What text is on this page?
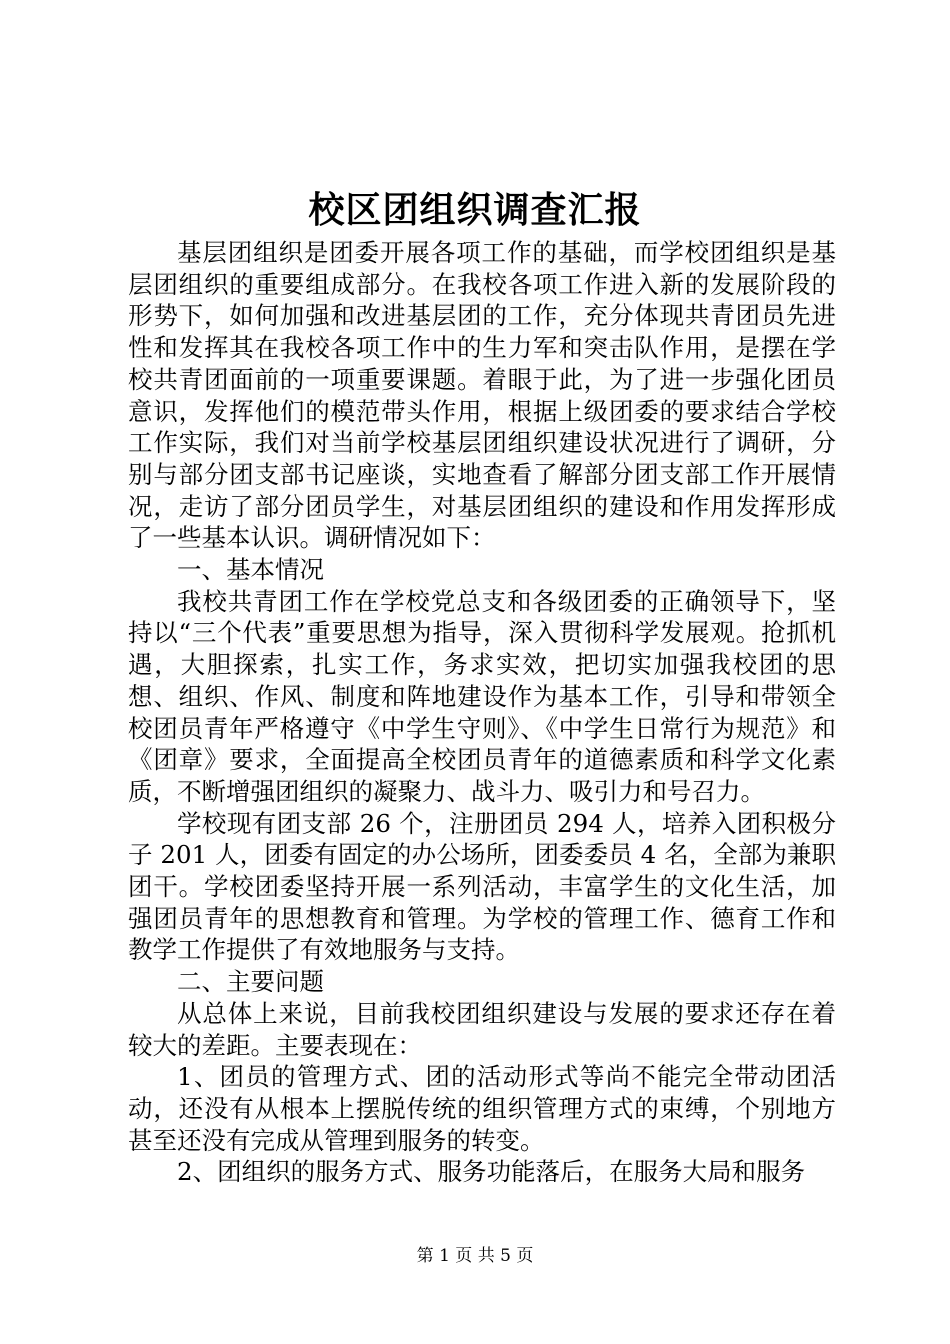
校区团组织调查汇报

基层团组织是团委开展各项工作的基础，而学校团组织是基层团组织的重要组成部分。在我校各项工作进入新的发展阶段的形势下，如何加强和改进基层团的工作，充分体现共青团员先进性和发挥其在我校各项工作中的生力军和突击队作用，是摆在学校共青团面前的一项重要课题。着眼于此，为了进一步强化团员意识，发挥他们的模范带头作用，根据上级团委的要求结合学校工作实际，我们对当前学校基层团组织建设状况进行了调研，分别与部分团支部书记座谈，实地查看了解部分团支部工作开展情况，走访了部分团员学生，对基层团组织的建设和作用发挥形成了一些基本认识。调研情况如下：

一、基本情况

我校共青团工作在学校党总支和各级团委的正确领导下，坚持以“三个代表”重要思想为指导，深入贯彻科学发展观。抢抓机遇，大胆探索，扎实工作，务求实效，把切实加强我校团的思想、组织、作风、制度和阵地建设作为基本工作，引导和带领全校团员青年严格遵守《中学生守则》、《中学生日常行为规范》和《团章》要求，全面提高全校团员青年的道德素质和科学文化素质，不断增强团组织的凝聚力、战斗力、吸引力和号召力。

学校现有团支部 26 个，注册团员 294 人，培养入团积极分子 201 人，团委有固定的办公场所，团委委员 4 名，全部为兼职团干。学校团委坚持开展一系列活动，丰富学生的文化生活，加强团员青年的思想教育和管理。为学校的管理工作、德育工作和教学工作提供了有效地服务与支持。

二、主要问题

从总体上来说，目前我校团组织建设与发展的要求还存在着较大的差距。主要表现在：

1、团员的管理方式、团的活动形式等尚不能完全带动团活动，还没有从根本上摆脱传统的组织管理方式的束缚，个别地方甚至还没有完成从管理到服务的转变。

2、团组织的服务方式、服务功能落后，在服务大局和服务

第 1 页 共 5 页
